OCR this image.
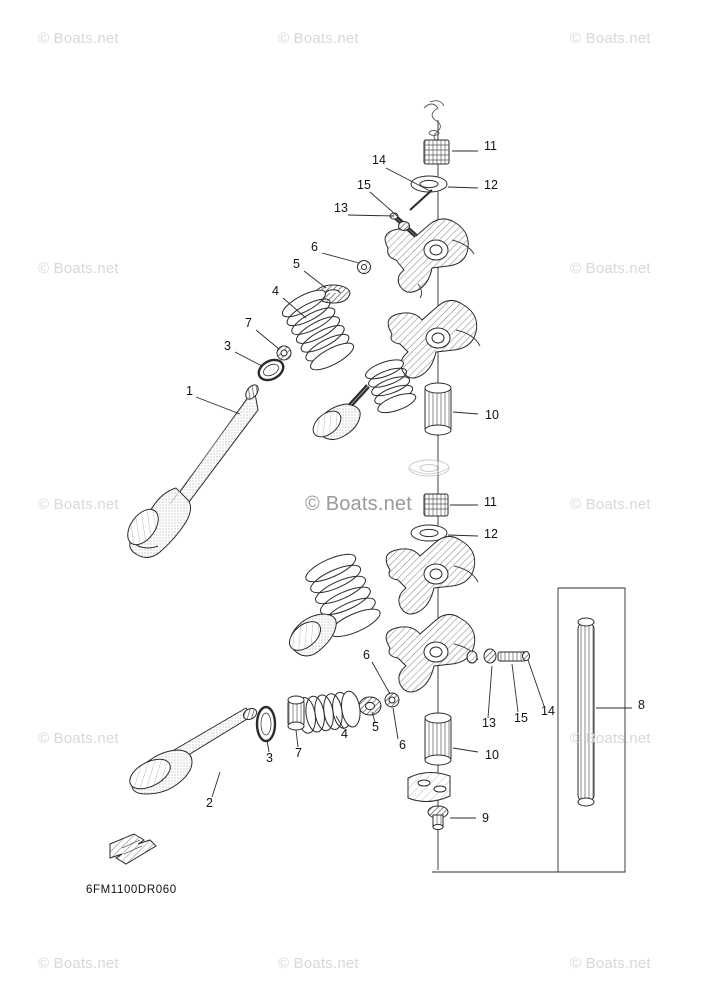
11
12
14
15
13
6
5
4
7
3
1
10
11
12
6
13 15 14	8
5
6
4
7
3	10
2
9
6FM1100DR060
© Boats.net	© Boats.net	© Boats.net
© Boats.net	© Boats.net
© Boats.net	© Boats.net
© Boats.net	© Boats.net
© Boats.net	© Boats.net	© Boats.net
© Boats.net
